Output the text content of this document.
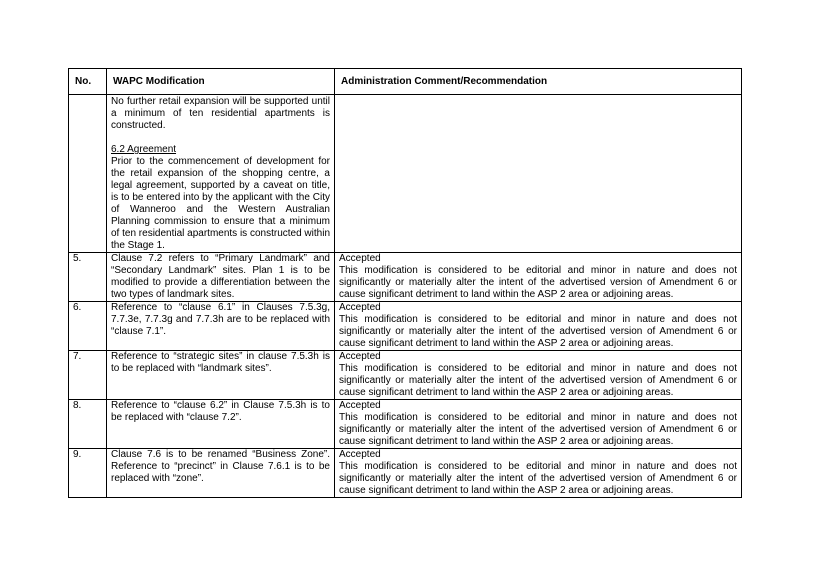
No.	WAPC Modification	Administration Comment/Recommendation

	No further retail expansion will be supported until a minimum of ten residential apartments is constructed.
6.2 Agreement
Prior to the commencement of development for the retail expansion of the shopping centre, a legal agreement, supported by a caveat on title, is to be entered into by the applicant with the City of Wanneroo and the Western Australian Planning commission to ensure that a minimum of ten residential apartments is constructed within the Stage 1.	

5.	Clause 7.2 refers to “Primary Landmark” and “Secondary Landmark” sites. Plan 1 is to be modified to provide a differentiation between the two types of landmark sites.	Accepted
This modification is considered to be editorial and minor in nature and does not significantly or materially alter the intent of the advertised version of Amendment 6 or cause significant detriment to land within the ASP 2 area or adjoining areas.

6.	Reference to “clause 6.1” in Clauses 7.5.3g, 7.7.3e, 7.7.3g and 7.7.3h are to be replaced with “clause 7.1”.	Accepted
This modification is considered to be editorial and minor in nature and does not significantly or materially alter the intent of the advertised version of Amendment 6 or cause significant detriment to land within the ASP 2 area or adjoining areas.

7.	Reference to “strategic sites” in clause 7.5.3h is to be replaced with “landmark sites”.	Accepted
This modification is considered to be editorial and minor in nature and does not significantly or materially alter the intent of the advertised version of Amendment 6 or cause significant detriment to land within the ASP 2 area or adjoining areas.

8.	Reference to “clause 6.2” in Clause 7.5.3h is to be replaced with “clause 7.2”.	Accepted
This modification is considered to be editorial and minor in nature and does not significantly or materially alter the intent of the advertised version of Amendment 6 or cause significant detriment to land within the ASP 2 area or adjoining areas.

9.	Clause 7.6 is to be renamed “Business Zone”. Reference to “precinct” in Clause 7.6.1 is to be replaced with “zone”.	Accepted
This modification is considered to be editorial and minor in nature and does not significantly or materially alter the intent of the advertised version of Amendment 6 or cause significant detriment to land within the ASP 2 area or adjoining areas.
